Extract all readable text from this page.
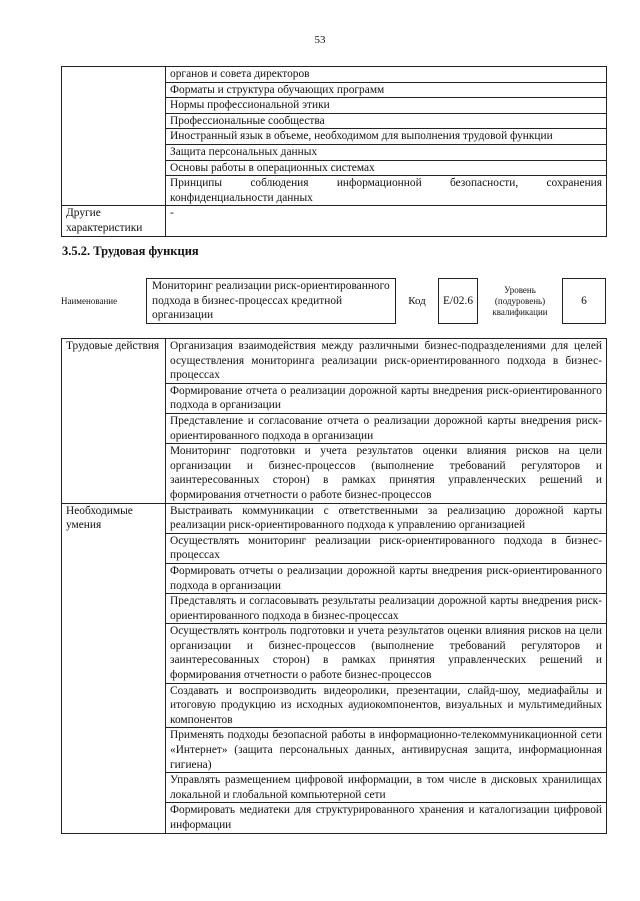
53
	органов и совета директоров
	Форматы и структура обучающих программ
	Нормы профессиональной этики
	Профессиональные сообщества
	Иностранный язык в объеме, необходимом для выполнения трудовой функции
	Защита персональных данных
	Основы работы в операционных системах
	Принципы соблюдения информационной безопасности, сохранения конфиденциальности данных
Другие характеристики	-
3.5.2. Трудовая функция
Наименование	Мониторинг реализации риск-ориентированного подхода в бизнес-процессах кредитной организации	Код	E/02.6	Уровень (подуровень) квалификации	6
Трудовые действия	Организация взаимодействия между различными бизнес-подразделениями для целей осуществления мониторинга реализации риск-ориентированного подхода в бизнес-процессах
	Формирование отчета о реализации дорожной карты внедрения риск-ориентированного подхода в организации
	Представление и согласование отчета о реализации дорожной карты внедрения риск-ориентированного подхода в организации
	Мониторинг подготовки и учета результатов оценки влияния рисков на цели организации и бизнес-процессов (выполнение требований регуляторов и заинтересованных сторон) в рамках принятия управленческих решений и формирования отчетности о работе бизнес-процессов
Необходимые умения	Выстраивать коммуникации с ответственными за реализацию дорожной карты реализации риск-ориентированного подхода к управлению организацией
	Осуществлять мониторинг реализации риск-ориентированного подхода в бизнес-процессах
	Формировать отчеты о реализации дорожной карты внедрения риск-ориентированного подхода в организации
	Представлять и согласовывать результаты реализации дорожной карты внедрения риск-ориентированного подхода в бизнес-процессах
	Осуществлять контроль подготовки и учета результатов оценки влияния рисков на цели организации и бизнес-процессов (выполнение требований регуляторов и заинтересованных сторон) в рамках принятия управленческих решений и формирования отчетности о работе бизнес-процессов
	Создавать и воспроизводить видеоролики, презентации, слайд-шоу, медиафайлы и итоговую продукцию из исходных аудиокомпонентов, визуальных и мультимедийных компонентов
	Применять подходы безопасной работы в информационно-телекоммуникационной сети «Интернет» (защита персональных данных, антивирусная защита, информационная гигиена)
	Управлять размещением цифровой информации, в том числе в дисковых хранилищах локальной и глобальной компьютерной сети
	Формировать медиатеки для структурированного хранения и каталогизации цифровой информации
